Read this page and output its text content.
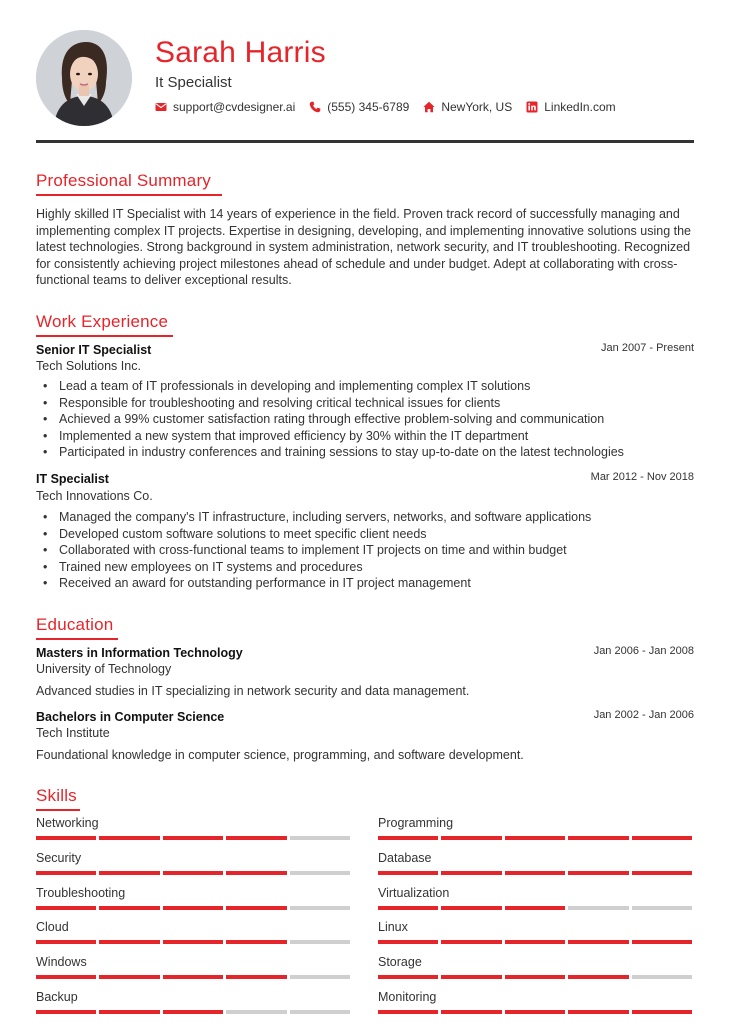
Sarah Harris
It Specialist
support@cvdesigner.ai	(555) 345-6789	NewYork, US	LinkedIn.com
Professional Summary
Highly skilled IT Specialist with 14 years of experience in the field. Proven track record of successfully managing and implementing complex IT projects. Expertise in designing, developing, and implementing innovative solutions using the latest technologies. Strong background in system administration, network security, and IT troubleshooting. Recognized for consistently achieving project milestones ahead of schedule and under budget. Adept at collaborating with cross-functional teams to deliver exceptional results.
Work Experience
Senior IT Specialist	Jan 2007 - Present
Tech Solutions Inc.
• Lead a team of IT professionals in developing and implementing complex IT solutions
• Responsible for troubleshooting and resolving critical technical issues for clients
• Achieved a 99% customer satisfaction rating through effective problem-solving and communication
• Implemented a new system that improved efficiency by 30% within the IT department
• Participated in industry conferences and training sessions to stay up-to-date on the latest technologies
IT Specialist	Mar 2012 - Nov 2018
Tech Innovations Co.
• Managed the company's IT infrastructure, including servers, networks, and software applications
• Developed custom software solutions to meet specific client needs
• Collaborated with cross-functional teams to implement IT projects on time and within budget
• Trained new employees on IT systems and procedures
• Received an award for outstanding performance in IT project management
Education
Masters in Information Technology	Jan 2006 - Jan 2008
University of Technology
Advanced studies in IT specializing in network security and data management.
Bachelors in Computer Science	Jan 2002 - Jan 2006
Tech Institute
Foundational knowledge in computer science, programming, and software development.
Skills
Networking	Programming
Security	Database
Troubleshooting	Virtualization
Cloud	Linux
Windows	Storage
Backup	Monitoring
